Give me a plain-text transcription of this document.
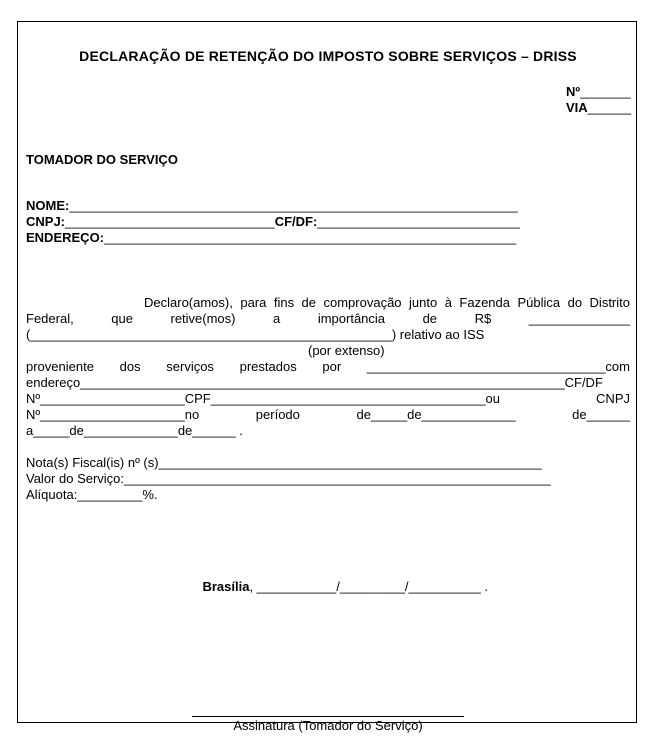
DECLARAÇÃO DE RETENÇÃO DO IMPOSTO SOBRE SERVIÇOS – DRISS
Nº_______
VIA______
TOMADOR DO SERVIÇO
NOME:______________________________________________________________
CNPJ:_____________________________CF/DF:____________________________
ENDEREÇO:_________________________________________________________
Declaro(amos), para fins de comprovação junto à Fazenda Pública do Distrito
Federal, que retive(mos) a importância de R$ ______________
(__________________________________________________) relativo ao ISS
(por extenso)
proveniente dos serviços prestados por _________________________________com
endereço___________________________________________________________________CF/DF
Nº____________________CPF______________________________________ou CNPJ
Nº____________________no período de_____de_____________ de______
a_____de_____________de______ .
Nota(s) Fiscal(is) nº (s)_____________________________________________________
Valor do Serviço:___________________________________________________________
Alíquota:_________%.

Brasília, ___________/_________/__________ .

Assinatura (Tomador do Serviço)
